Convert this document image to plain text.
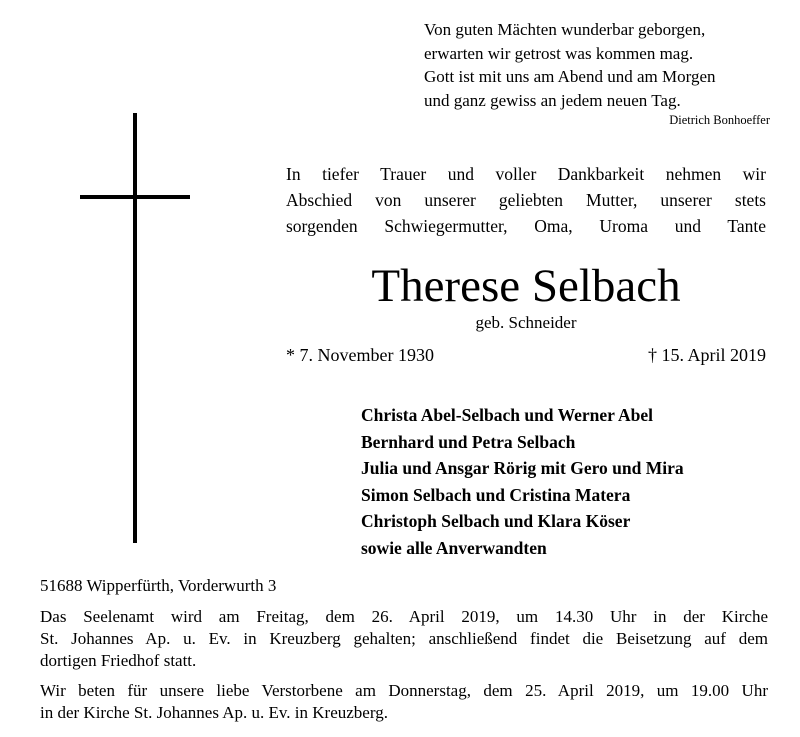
Von guten Mächten wunderbar geborgen,
erwarten wir getrost was kommen mag.
Gott ist mit uns am Abend und am Morgen
und ganz gewiss an jedem neuen Tag.
Dietrich Bonhoeffer
In tiefer Trauer und voller Dankbarkeit nehmen wir
Abschied von unserer geliebten Mutter, unserer stets
sorgenden Schwiegermutter, Oma, Uroma und Tante
Therese Selbach
geb. Schneider
* 7. November 1930	† 15. April 2019
Christa Abel-Selbach und Werner Abel
Bernhard und Petra Selbach
Julia und Ansgar Rörig mit Gero und Mira
Simon Selbach und Cristina Matera
Christoph Selbach und Klara Köser
sowie alle Anverwandten
51688 Wipperfürth, Vorderwurth 3
Das Seelenamt wird am Freitag, dem 26. April 2019, um 14.30 Uhr in der Kirche
St. Johannes Ap. u. Ev. in Kreuzberg gehalten; anschließend findet die Beisetzung auf dem
dortigen Friedhof statt.
Wir beten für unsere liebe Verstorbene am Donnerstag, dem 25. April 2019, um 19.00 Uhr
in der Kirche St. Johannes Ap. u. Ev. in Kreuzberg.
